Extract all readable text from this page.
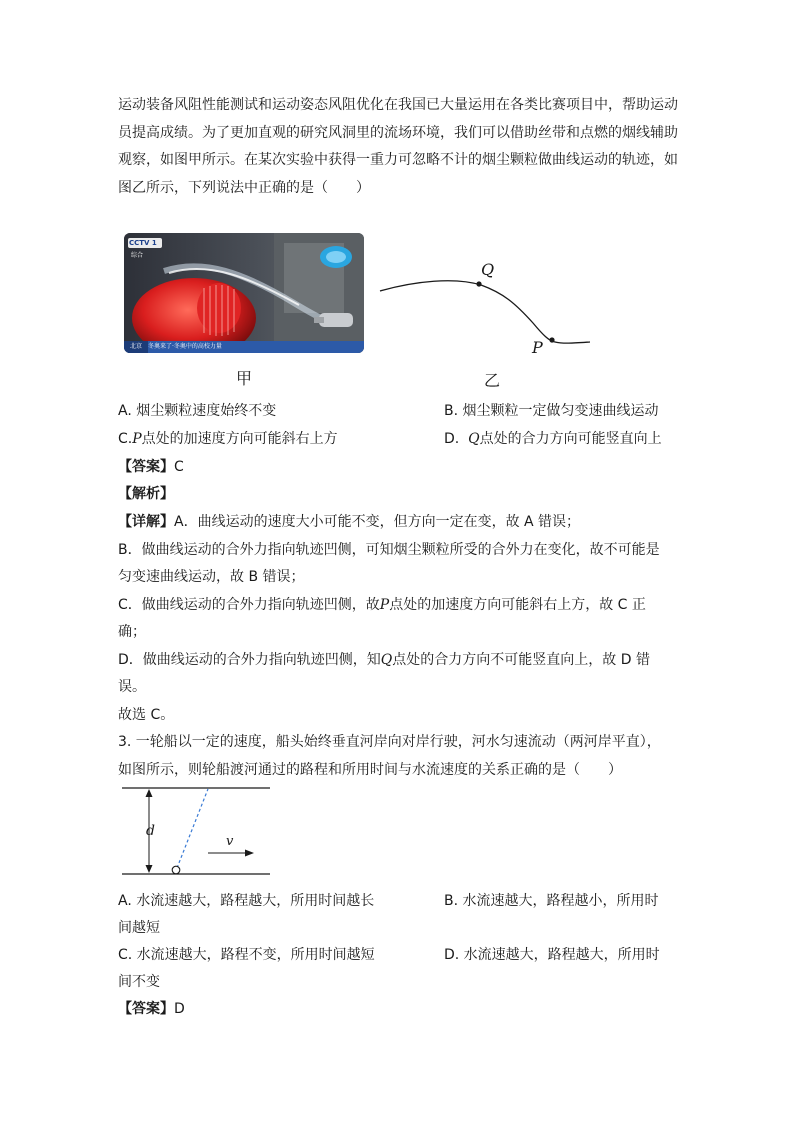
运动装备风阻性能测试和运动姿态风阻优化在我国已大量运用在各类比赛项目中，帮助运动
员提高成绩。为了更加直观的研究风洞里的流场环境，我们可以借助丝带和点燃的烟线辅助
观察，如图甲所示。在某次实验中获得一重力可忽略不计的烟尘颗粒做曲线运动的轨迹，如
图乙所示，下列说法中正确的是（　　）
CCTV 1
综合
北京　冬奥来了·冬奥中的高校力量
Q
P
甲	乙
A. 烟尘颗粒速度始终不变	B. 烟尘颗粒一定做匀变速曲线运动
C.P点处的加速度方向可能斜右上方	D. Q点处的合力方向可能竖直向上
【答案】C
【解析】
【详解】A．曲线运动的速度大小可能不变，但方向一定在变，故 A 错误；
B．做曲线运动的合外力指向轨迹凹侧，可知烟尘颗粒所受的合外力在变化，故不可能是
匀变速曲线运动，故 B 错误；
C．做曲线运动的合外力指向轨迹凹侧，故P点处的加速度方向可能斜右上方，故 C 正
确；
D．做曲线运动的合外力指向轨迹凹侧，知Q点处的合力方向不可能竖直向上，故 D 错
误。
故选 C。
3. 一轮船以一定的速度，船头始终垂直河岸向对岸行驶，河水匀速流动（两河岸平直），
如图所示，则轮船渡河通过的路程和所用时间与水流速度的关系正确的是（　　）
d
v
A. 水流速越大，路程越大，所用时间越长	B. 水流速越大，路程越小，所用时
间越短
C. 水流速越大，路程不变，所用时间越短	D. 水流速越大，路程越大，所用时
间不变
【答案】D
